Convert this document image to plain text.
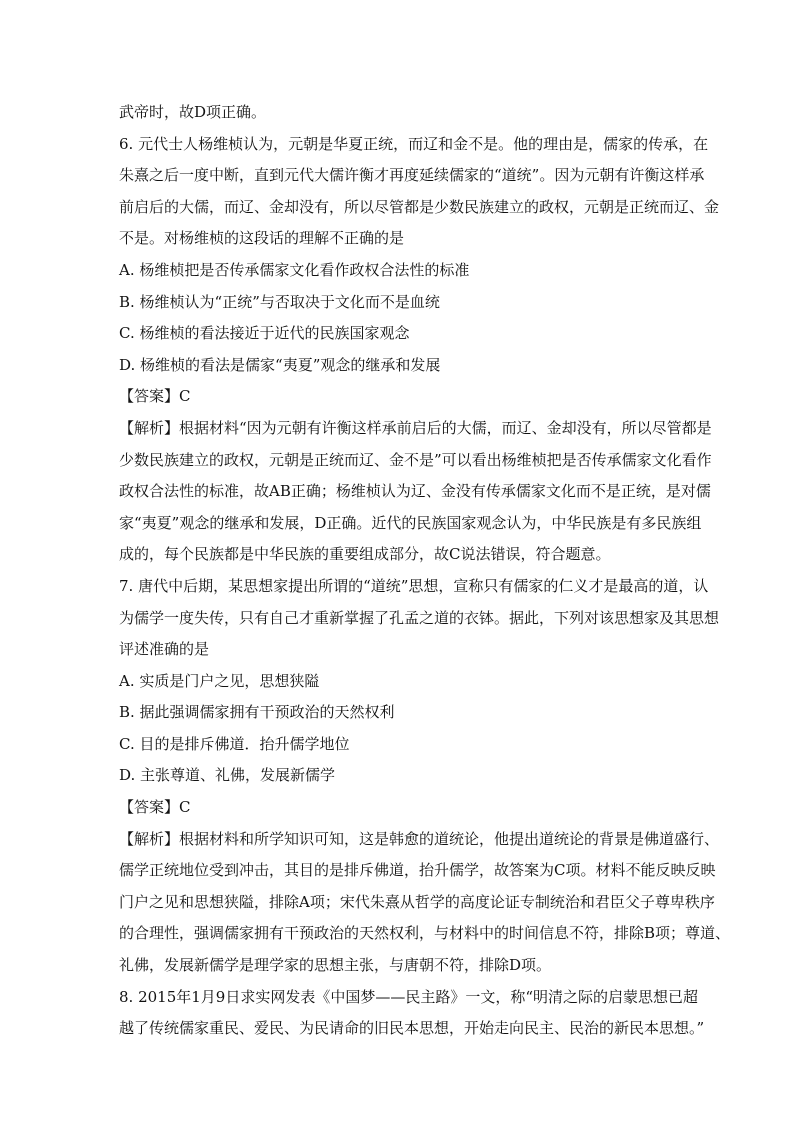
武帝时，故D项正确。
6. 元代士人杨维桢认为，元朝是华夏正统，而辽和金不是。他的理由是，儒家的传承，在
朱熹之后一度中断，直到元代大儒许衡才再度延续儒家的“道统”。因为元朝有许衡这样承
前启后的大儒，而辽、金却没有，所以尽管都是少数民族建立的政权，元朝是正统而辽、金
不是。对杨维桢的这段话的理解不正确的是
A. 杨维桢把是否传承儒家文化看作政权合法性的标准
B. 杨维桢认为“正统”与否取决于文化而不是血统
C. 杨维桢的看法接近于近代的民族国家观念
D. 杨维桢的看法是儒家“夷夏”观念的继承和发展
【答案】C
【解析】根据材料“因为元朝有许衡这样承前启后的大儒，而辽、金却没有，所以尽管都是
少数民族建立的政权，元朝是正统而辽、金不是”可以看出杨维桢把是否传承儒家文化看作
政权合法性的标准，故AB正确；杨维桢认为辽、金没有传承儒家文化而不是正统，是对儒
家“夷夏”观念的继承和发展，D正确。近代的民族国家观念认为，中华民族是有多民族组
成的，每个民族都是中华民族的重要组成部分，故C说法错误，符合题意。
7. 唐代中后期，某思想家提出所谓的“道统”思想，宣称只有儒家的仁义才是最高的道，认
为儒学一度失传，只有自己才重新掌握了孔孟之道的衣钵。据此，下列对该思想家及其思想
评述准确的是
A. 实质是门户之见，思想狭隘
B. 据此强调儒家拥有干预政治的天然权利
C. 目的是排斥佛道．抬升儒学地位
D. 主张尊道、礼佛，发展新儒学
【答案】C
【解析】根据材料和所学知识可知，这是韩愈的道统论，他提出道统论的背景是佛道盛行、
儒学正统地位受到冲击，其目的是排斥佛道，抬升儒学，故答案为C项。材料不能反映反映
门户之见和思想狭隘，排除A项；宋代朱熹从哲学的高度论证专制统治和君臣父子尊卑秩序
的合理性，强调儒家拥有干预政治的天然权利，与材料中的时间信息不符，排除B项；尊道、
礼佛，发展新儒学是理学家的思想主张，与唐朝不符，排除D项。
8. 2015年1月9日求实网发表《中国梦——民主路》一文，称“明清之际的启蒙思想已超
越了传统儒家重民、爱民、为民请命的旧民本思想，开始走向民主、民治的新民本思想。”
